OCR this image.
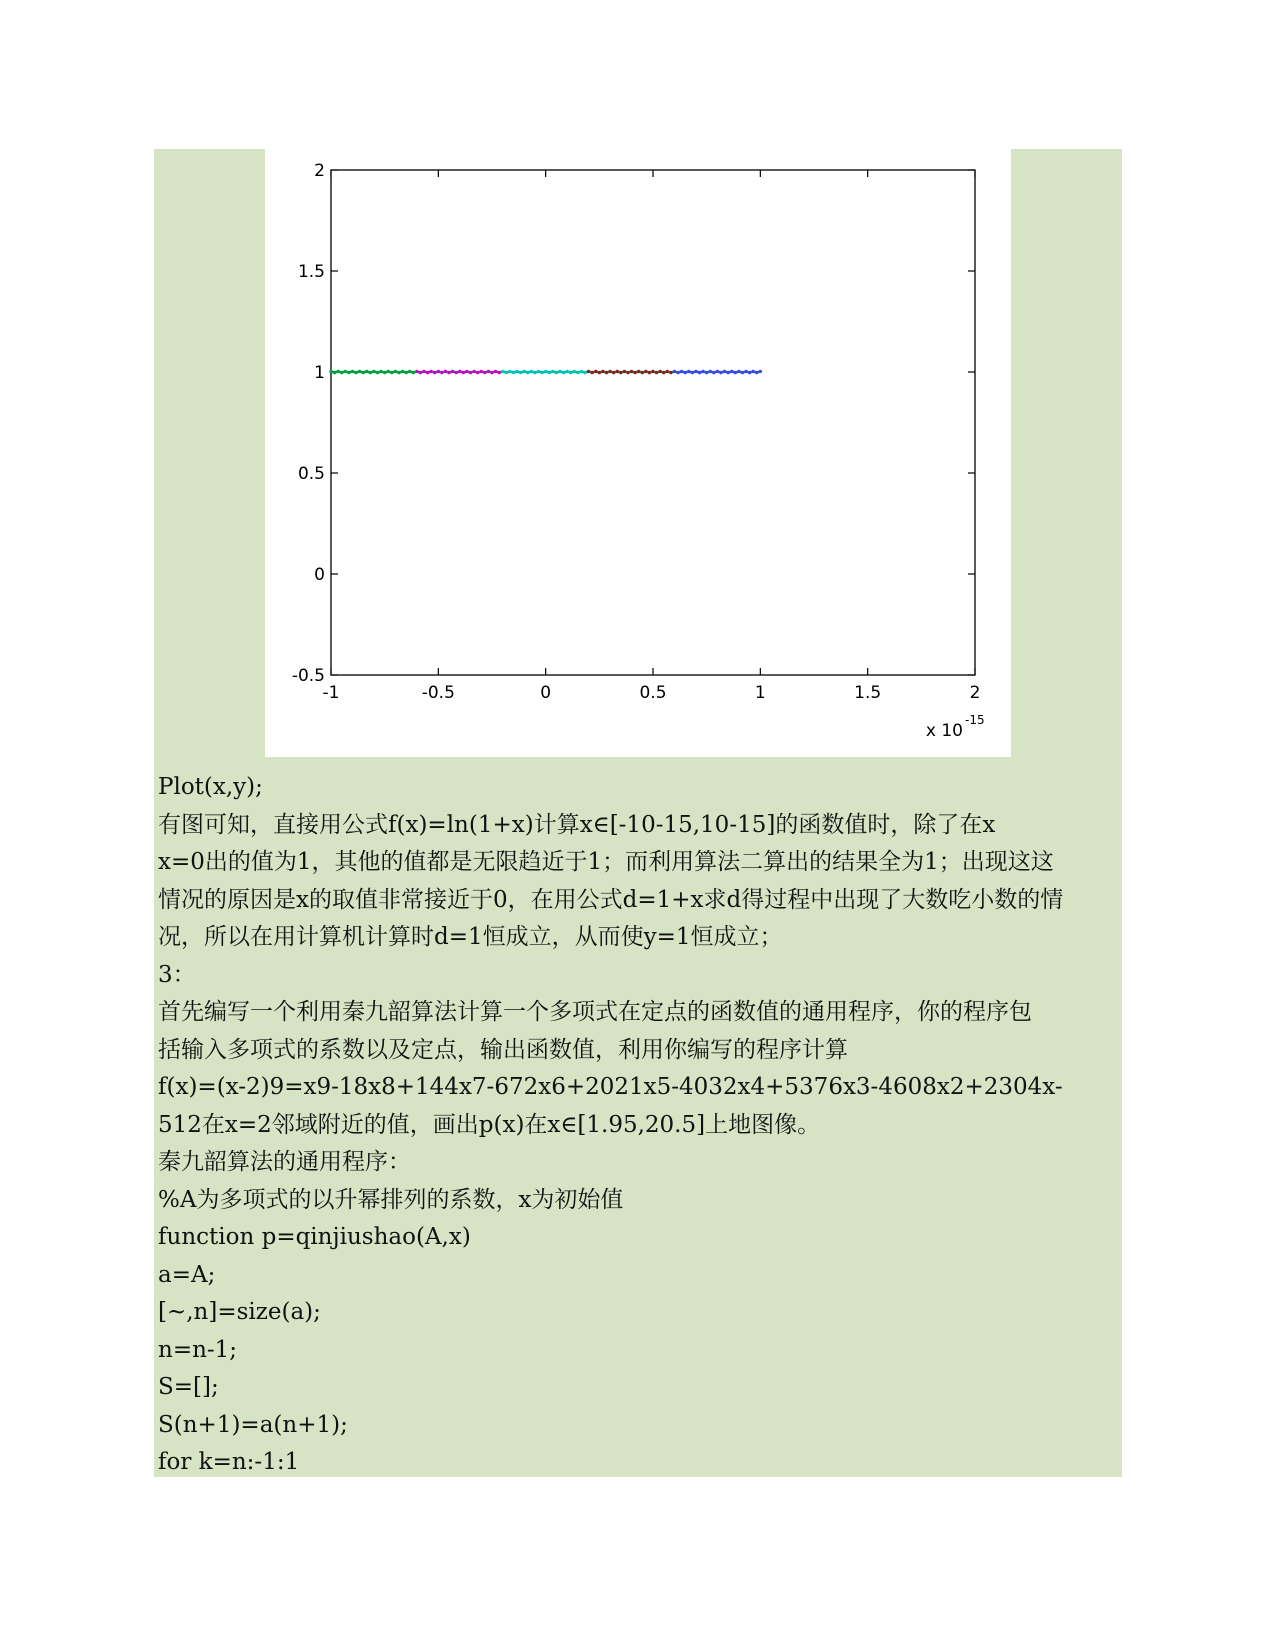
-1	-0.5	0	0.5	1	1.5	2
-0.5
0
0.5
1
1.5
2
x 10
-15
Plot(x,y);
有图可知，直接用公式f(x)=ln(1+x)计算x∈[-10-15,10-15]的函数值时，除了在x
x=0出的值为1，其他的值都是无限趋近于1；而利用算法二算出的结果全为1；出现这这
情况的原因是x的取值非常接近于0，在用公式d=1+x求d得过程中出现了大数吃小数的情
况，所以在用计算机计算时d=1恒成立，从而使y=1恒成立；
3：
首先编写一个利用秦九韶算法计算一个多项式在定点的函数值的通用程序，你的程序包
括输入多项式的系数以及定点，输出函数值，利用你编写的程序计算
f(x)=(x-2)9=x9-18x8+144x7-672x6+2021x5-4032x4+5376x3-4608x2+2304x-
512在x=2邻域附近的值，画出p(x)在x∈[1.95,20.5]上地图像。
秦九韶算法的通用程序：
%A为多项式的以升幂排列的系数，x为初始值
function p=qinjiushao(A,x)
a=A;
[~,n]=size(a);
n=n-1;
S=[];
S(n+1)=a(n+1);
for k=n:-1:1
